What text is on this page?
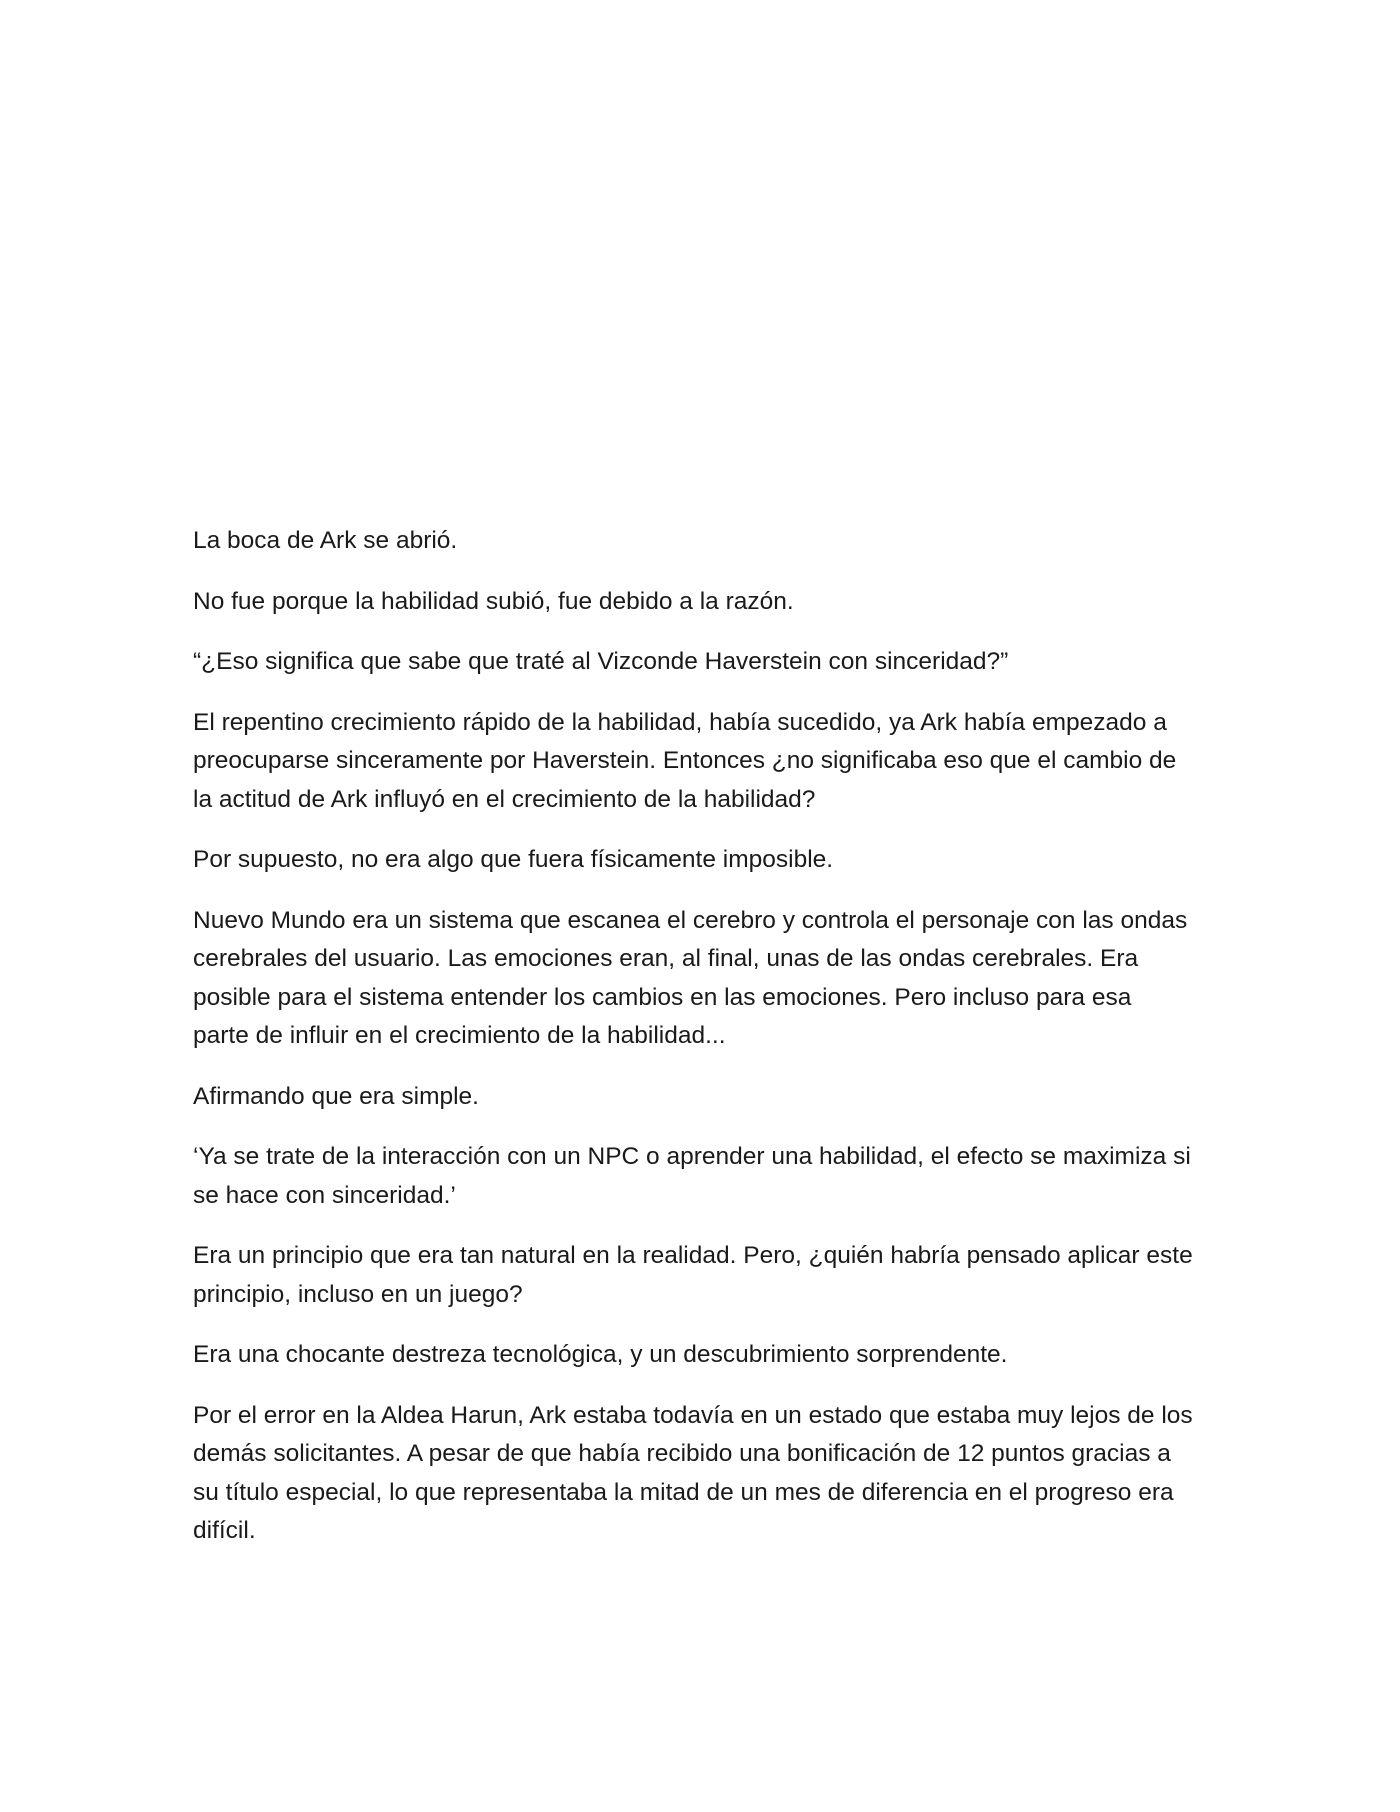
La boca de Ark se abrió.

No fue porque la habilidad subió, fue debido a la razón.

“¿Eso significa que sabe que traté al Vizconde Haverstein con sinceridad?”

El repentino crecimiento rápido de la habilidad, había sucedido, ya Ark había empezado a preocuparse sinceramente por Haverstein. Entonces ¿no significaba eso que el cambio de la actitud de Ark influyó en el crecimiento de la habilidad?

Por supuesto, no era algo que fuera físicamente imposible.

Nuevo Mundo era un sistema que escanea el cerebro y controla el personaje con las ondas cerebrales del usuario. Las emociones eran, al final, unas de las ondas cerebrales. Era posible para el sistema entender los cambios en las emociones. Pero incluso para esa parte de influir en el crecimiento de la habilidad...

Afirmando que era simple.

‘Ya se trate de la interacción con un NPC o aprender una habilidad, el efecto se maximiza si se hace con sinceridad.’

Era un principio que era tan natural en la realidad. Pero, ¿quién habría pensado aplicar este principio, incluso en un juego?

Era una chocante destreza tecnológica, y un descubrimiento sorprendente.

Por el error en la Aldea Harun, Ark estaba todavía en un estado que estaba muy lejos de los demás solicitantes. A pesar de que había recibido una bonificación de 12 puntos gracias a su título especial, lo que representaba la mitad de un mes de diferencia en el progreso era difícil.
